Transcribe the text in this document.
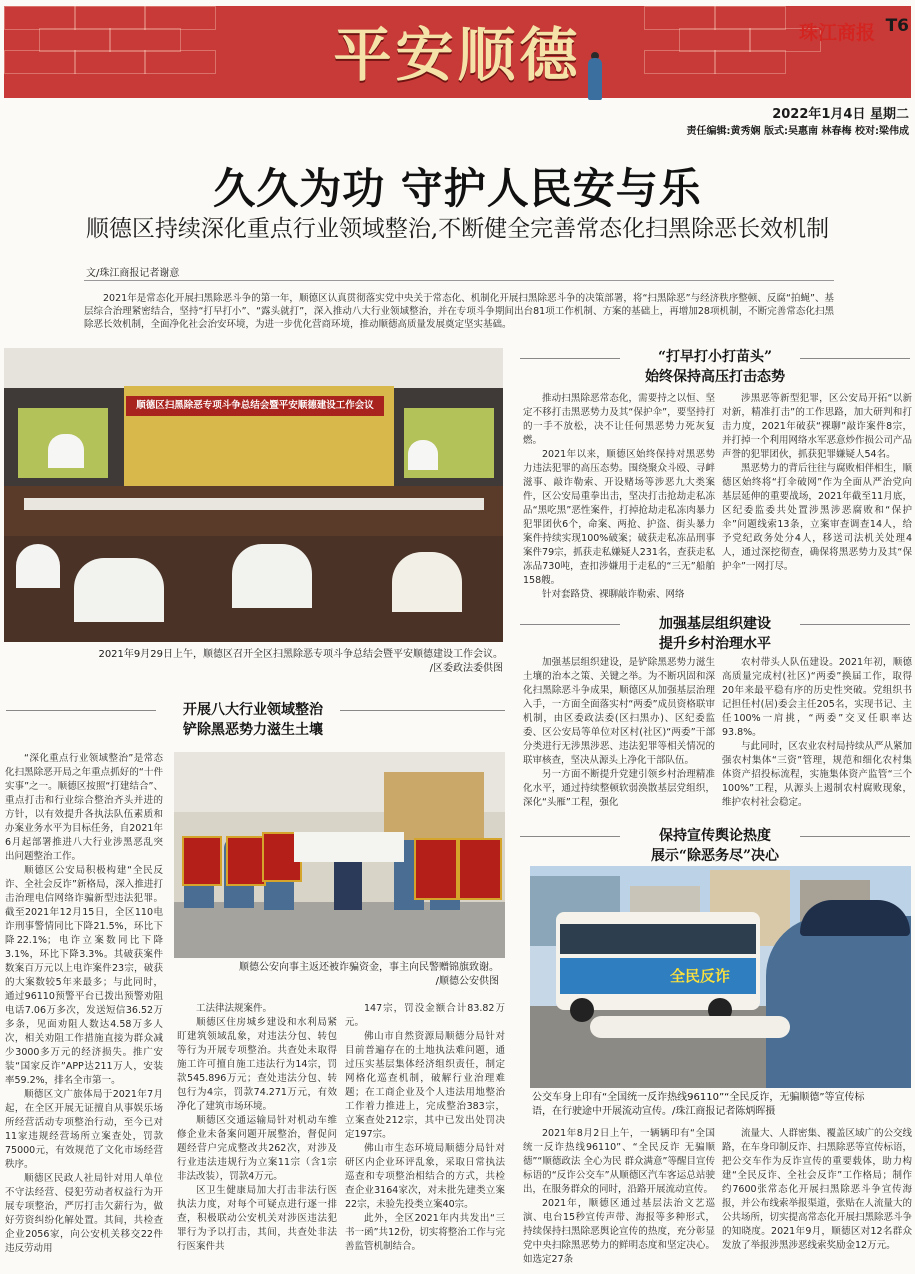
平安顺德	珠江商报 T6
2022年1月4日 星期二
责任编辑:黄秀娴 版式:吴惠南 林春梅 校对:梁伟成
久久为功 守护人民安与乐
顺德区持续深化重点行业领域整治,不断健全完善常态化扫黑除恶长效机制
文/珠江商报记者谢意
2021年是常态化开展扫黑除恶斗争的第一年，顺德区认真贯彻落实党中央关于常态化、机制化开展扫黑除恶斗争的决策部署，将“扫黑除恶”与经济秩序整顿、反腐“拍蝇”、基层综合治理紧密结合，坚持“打早打小”、“露头就打”，深入推动八大行业领域整治，并在专项斗争期间出台81项工作机制、方案的基础上，再增加28项机制，不断完善常态化扫黑除恶长效机制，全面净化社会治安环境，为进一步优化营商环境，推动顺德高质量发展奠定坚实基础。
顺德区扫黑除恶专项斗争总结会暨平安顺德建设工作会议
2021年9月29日上午，顺德区召开全区扫黑除恶专项斗争总结会暨平安顺德建设工作会议。
/区委政法委供图
“打早打小打苗头”
始终保持高压打击态势

推动扫黑除恶常态化，需要持之以恒、坚定不移打击黑恶势力及其“保护伞”，要坚持打的一手不放松，决不让任何黑恶势力死灰复燃。

2021年以来，顺德区始终保持对黑恶势力违法犯罪的高压态势。围绕聚众斗殴、寻衅滋事、敲诈勒索、开设赌场等涉恶九大类案件，区公安局重拳出击，坚决打击抢劫走私冻品“黑吃黑”恶性案件，打掉抢劫走私冻肉暴力犯罪团伙6个，命案、两抢、护盗、街头暴力案件持续实现100%破案；破获走私冻品刑事案件79宗，抓获走私嫌疑人231名，查获走私冻品730吨，查扣涉嫌用于走私的“三无”船舶158艘。

针对套路贷、裸聊敲诈勒索、网络

涉黑恶等新型犯罪，区公安局开拓“以新对新，精准打击”的工作思路，加大研判和打击力度，2021年破获“裸聊”敲诈案件8宗，并打掉一个利用网络水军恶意炒作损公司产品声誉的犯罪团伙，抓获犯罪嫌疑人54名。

黑恶势力的背后往往与腐败相伴相生，顺德区始终将“打伞破网”作为全面从严治党向基层延伸的重要战场，2021年截至11月底，区纪委监委共处置涉黑涉恶腐败和“保护伞”问题线索13条，立案审查调查14人，给予党纪政务处分4人，移送司法机关处理4人，通过深挖彻查，确保将黑恶势力及其“保护伞”一网打尽。

加强基层组织建设
提升乡村治理水平

加强基层组织建设，是铲除黑恶势力滋生土壤的治本之策、关键之举。为不断巩固和深化扫黑除恶斗争成果，顺德区从加强基层治理入手，一方面全面落实村“两委”成员资格联审机制，由区委政法委(区扫黑办)、区纪委监委、区公安局等单位对区村(社区)“两委”干部分类进行无涉黑涉恶、违法犯罪等相关情况的联审核查，坚决从源头上净化干部队伍。

另一方面不断提升党建引领乡村治理精准化水平，通过持续整顿软弱涣散基层党组织，深化“头雁”工程，强化

农村带头人队伍建设。2021年初，顺德高质量完成村(社区)“两委”换届工作，取得20年来最平稳有序的历史性突破。党组织书记担任村(居)委会主任205名，实现书记、主任100%一肩挑，“两委”交叉任职率达93.8%。

与此同时，区农业农村局持续从严从紧加强农村集体“三资”管理，规范和细化农村集体资产招投标流程，实施集体资产监管“三个100%”工程，从源头上遏制农村腐败现象，维护农村社会稳定。

开展八大行业领域整治
铲除黑恶势力滋生土壤

“深化重点行业领域整治”是常态化扫黑除恶开局之年重点抓好的“十件实事”之一。顺德区按照“打建结合”、重点打击和行业综合整治齐头并进的方针，以有效提升各执法队伍素质和办案业务水平为目标任务，自2021年6月起部署推进八大行业涉黑恶乱突出问题整治工作。

顺德区公安局积极构建“全民反诈、全社会反诈”新格局，深入推进打击治理电信网络诈骗新型违法犯罪。截至2021年12月15日，全区110电诈刑事警情同比下降21.5%，环比下降22.1%；电诈立案数同比下降3.1%，环比下降3.3%。其破获案件数案百万元以上电诈案件23宗，破获的大案数较5年来最多；与此同时，通过96110预警平台已拨出预警劝阻电话7.06万多次，发送短信36.52万多条，见面劝阻人数达4.58万多人次，相关劝阻工作措施直接为群众减少3000多万元的经济损失。推广安装“国家反诈”APP达211万人，安装率59.2%，排名全市第一。

顺德区文广旅体局于2021年7月起，在全区开展无证擅自从事娱乐场所经营活动专项整治行动，至今已对11家违规经营场所立案查处，罚款75000元，有效规范了文化市场经营秩序。

顺德区民政人社局针对用人单位不守法经营、侵犯劳动者权益行为开展专项整治，严厉打击欠薪行为，做好劳资纠纷化解处置。其间，共检查企业2056家，向公安机关移交22件违反劳动用

顺德公安向事主返还被诈骗资金，事主向民警赠锦旗致谢。
/顺德公安供图

工法律法规案件。

顺德区住房城乡建设和水利局紧盯建筑领域乱象，对违法分包、转包等行为开展专项整治。共查处未取得施工许可擅自施工违法行为14宗，罚款545.896万元；查处违法分包、转包行为4宗，罚款74.271万元，有效净化了建筑市场环境。

顺德区交通运输局针对机动车维修企业未备案问题开展整治，督促问题经营户完成整改共262次，对涉及行业违法违规行为立案11宗（含1宗非法改装），罚款4万元。

区卫生健康局加大打击非法行医执法力度，对每个可疑点进行逐一排查，积极联动公安机关对涉医违法犯罪行为予以打击，其间，共查处非法行医案件共

147宗，罚没金额合计83.82万元。

佛山市自然资源局顺德分局针对目前普遍存在的土地执法难问题，通过压实基层集体经济组织责任，制定网格化巡查机制，破解行业治理难题；在工商企业及个人违法用地整治工作着力推进上，完成整治383宗，立案查处212宗，其中已发出处罚决定197宗。

佛山市生态环境局顺德分局针对研区内企业环评乱象，采取日常执法巡查和专项整治相结合的方式，共检查企业3164家次，对未批先建类立案22宗，未验先投类立案40宗。

此外，全区2021年内共发出“三书一函”共12份，切实将整治工作与完善监管机制结合。

保持宣传舆论热度
展示“除恶务尽”决心
全民反诈
公交车身上印有“全国统一反诈热线96110”“全民反诈，无骗顺德”等宣传标
语，在行驶途中开展流动宣传。/珠江商报记者陈炳晖摄

2021年8月2日上午，一辆辆印有“全国统一反诈热线96110”、“全民反诈 无骗顺德”“顺德政法 全心为民 群众满意”等醒目宣传标语的“反诈公交车”从顺德区汽车客运总站驶出，在服务群众的同时，沿路开展流动宣传。

2021年，顺德区通过基层法治文艺巡演、电台15秒宣传声带、海报等多种形式，持续保持扫黑除恶舆论宣传的热度，充分彰显党中央扫除黑恶势力的鲜明态度和坚定决心。如选定27条

流量大、人群密集、覆盖区域广的公交线路，在车身印制反诈、扫黑除恶等宣传标语，把公交车作为反诈宣传的重要载体，助力构建“全民反诈、全社会反诈”工作格局；制作约7600张常态化开展扫黑除恶斗争宣传海报，并公布线索举报渠道，张贴在人流量大的公共场所，切实提高常态化开展扫黑除恶斗争的知晓度。2021年9月，顺德区对12名群众发放了举报涉黑涉恶线索奖励金12万元。
